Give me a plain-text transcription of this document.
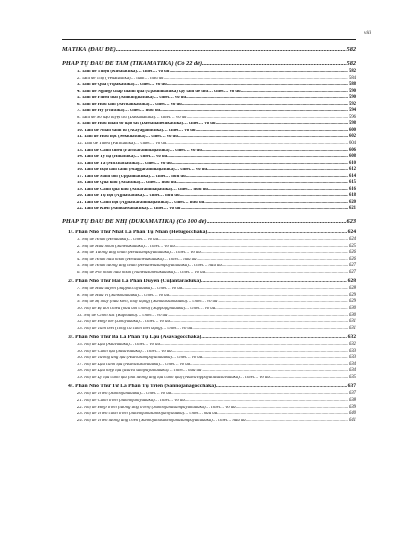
viii
MĀTIKĀ (ĐẦU ĐỀ) .....	582
PHÁP TỤ ĐẦU ĐỀ TAM (TIKAMĀTIKĀ) (Có 22 đề) .....	582
1. Tam đề Thiện (Kusalattika)… chiết… vô dư .....	582
2. Tam đề Thọ (Vedanāttika)… hàm… hữu dư .....	584
3. Tam đề Quả (Vipākattika)… chiết… vô dư .....	588
4. Tam đề Nghiệp chấp thành quả (Upādinnattika) tạy tam đề thứ… chiết… vô dư .....	590
5. Tam đề Phiền toái (Saṅkiliṭṭhattika)… chiết… vô dư .....	590
6. Tam đề Hữu tầm (Savitakkattika)… chiết… vô dư .....	592
7. Tam đề Hỷ (Pītittika)… chiết… hữu dư .....	594
8. Tam đề Sơ đạo tuyệt trừ (Dassanattika)… chiết… vô dư .....	596
9. Tam đề Hữu nhân sơ đạo sát (Dassanahetukattika)… chiết… vô dư .....	598
10. Tam đề Nhân sanh tử (Ācayagāmittika)… chiết… vô dư .....	600
11. Tam đề Hữu học (Sekkhattika)… chiết… vô dư .....	602
12. Tam đề Thiểu (Parittattika)… chiết… vô dư .....	604
13. Tam đề Cảnh thiểu (Parittārammaṇattika)… chiết… vô dư .....	606
14. Tam đề Ty hạ (Hīnattika)… chiết… vô dư .....	608
15. Tam đề Tà (Micchattattika)… chiết… vô dư .....	610
16. Tam đề Đạo làm cảnh (Maggārammaṇattika)… chiết… vô dư .....	612
17. Tam đề Sanh tồn (Uppannattika)… chiết… hữu dư .....	614
18. Tam đề Quá khứ (Attattika)… chiết… hữu dư .....	615
19. Tam đề Cảnh quá khứ (Atītārammaṇattika)… chiết… hữu dư .....	616
20. Tam đề Tự nội (Ajjhattattika)… chiết… hữu dư .....	618
21. Tam đề Cảnh nội (Ajjhattārammaṇattika)… chiết… hữu dư .....	620
22. Tam đề Kiến (Sanidassanattika)… chiết… vô dư .....	621
PHÁP TỤ ĐẦU ĐỀ NHỊ (DUKAMĀTIKĀ) (Có 100 đề) .....	623
1/. Phần Nhỏ Thứ Nhất Là Phần Tụ Nhân (Hetugocchaka) .....	624
1. Nhị đề Nhân (Hetuduka)… chiết… vô dư .....	624
2. Nhị đề Hữu nhân (Sahetukaduka)… chiết… vô dư .....	625
3. Nhị đề Tương ưng nhân (Hetusampayuttaduka)… chiết… vô dư .....	626
4. Nhị đề Nhân hữu nhân (Hetusahetukaduka)… chiết… hữu dư .....	626
5. Nhị đề Nhân tương ưng nhân (Hetuhetusampayuttaduka)… chiết… hữu dư .....	627
6. Nhị đề Phi nhân hữu nhân (Nahetusahetukaduka)… chiết… vô dư .....	627
2/. Phần Nhỏ Thứ Hai Là Phần Duyên (Cūḷantaraduka) .....	628
7. Nhị đề Hữu duyên (Sappaccayaduka)… chiết… vô dư .....	628
8. Nhị đề Hữu vi (Saṅkhataduka)… chiết… vô dư .....	629
9. Nhị đề Bị thấy (hữu kiến, thấy đặng) (Sanidassanaduka)… chiết… vô dư .....	629
10. Nhị đề Bị đối chiếu (hữu đối chiếu) (Sappaṭighaduka)… chiết… vô dư .....	630
11. Nhị đề Chơn sắc (Rūpīduka)… chiết… vô dư .....	630
12. Nhị đề Hiệp thế (Lokiyaduka)… chiết… vô dư .....	631
13. Nhị đề Tâm biết (công cũ cảnh biết đặng)… chiết… vô dư .....	631
3/. Phần Nhỏ Thứ Ba Là Phần Tụ Lậu (Āsavagocchaka) .....	632
15. Nhị đề Lậu (Āsavaduka)… chiết… vô dư .....	632
16. Nhị đề Cảnh lậu (Sāsavaduka)… chiết… vô dư .....	633
16. Nhị đề Tương ưng lậu (Āsavasampayuttaduka)… chiết… vô dư .....	633
17. Nhị đề Lậu cảnh lậu (Āsavasāsavaduka)… chiết… vô dư .....	634
18. Nhị đề Lậu hiệp lậu (āsava sampayuttaduka)… chiết… hữu dư .....	634
19. Nhị đề Ly lậu cảnh lậu (bất tương ưng lậu cảnh lậu) (Āsavavippayuttasāsavaduka)… chiết… vô dư .....	635
4/. Phần Nhỏ Thứ Tư Là Phần Tụ Triền (Saññojanagocchaka) .....	637
20. Nhị đề Triền (Saññojanaduka)… chiết… vô dư .....	637
21. Nhị đề Cảnh triền (Saññojaniyaduka)… chiết… vô dư .....	638
22. Nhị đề Hiệp triền (tương ưng triền) (Saññojanasampayuttaduka)… chiết… vô dư .....	639
23. Nhị đề Triền cảnh triền (Saññojanasaññojaniyaduka)… chiết… hữu dư .....	640
24. Nhị đề Triền tương ưng triền (Saññojanasaññojanasampayuttaduka)… chiết… hữu dư .....	641
